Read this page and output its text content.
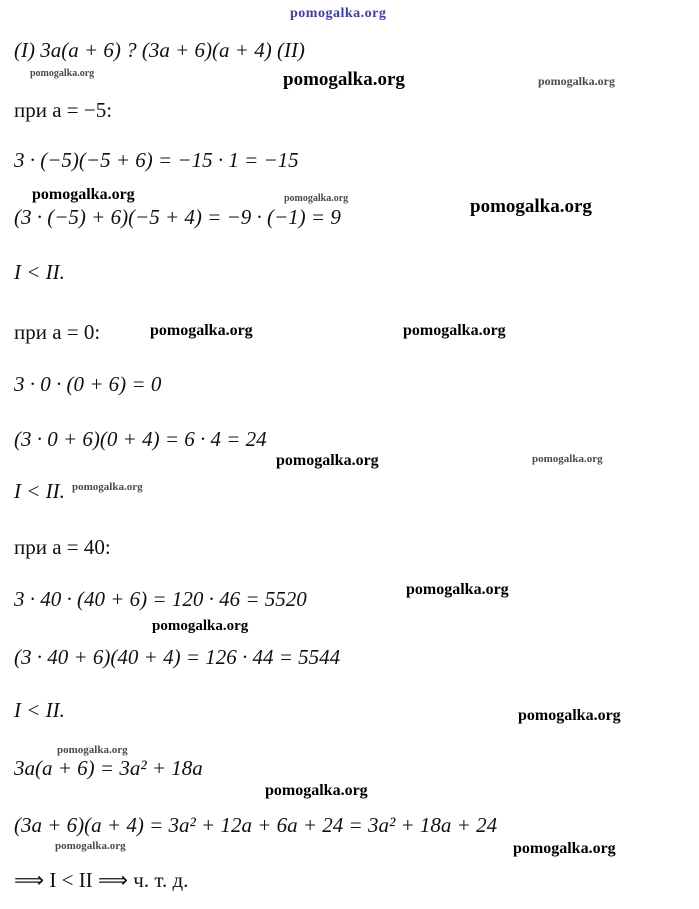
pomogalka.org
(I) 3a(a + 6) ? (3a + 6)(a + 4) (II)
при a = −5:
3 · (−5)(−5 + 6) = −15 · 1 = −15
(3 · (−5) + 6)(−5 + 4) = −9 · (−1) = 9
I < II.
при a = 0:
3 · 0 · (0 + 6) = 0
(3 · 0 + 6)(0 + 4) = 6 · 4 = 24
I < II.
при a = 40:
3 · 40 · (40 + 6) = 120 · 46 = 5520
(3 · 40 + 6)(40 + 4) = 126 · 44 = 5544
I < II.
3a(a + 6) = 3a² + 18a
(3a + 6)(a + 4) = 3a² + 12a + 6a + 24 = 3a² + 18a + 24
⟹ I < II ⟹ ч. т. д.
pomogalka.org	pomogalka.org	pomogalka.org
pomogalka.org	pomogalka.org	pomogalka.org
pomogalka.org	pomogalka.org
pomogalka.org	pomogalka.org
pomogalka.org
pomogalka.org
pomogalka.org
pomogalka.org
pomogalka.org
pomogalka.org
pomogalka.org	pomogalka.org
